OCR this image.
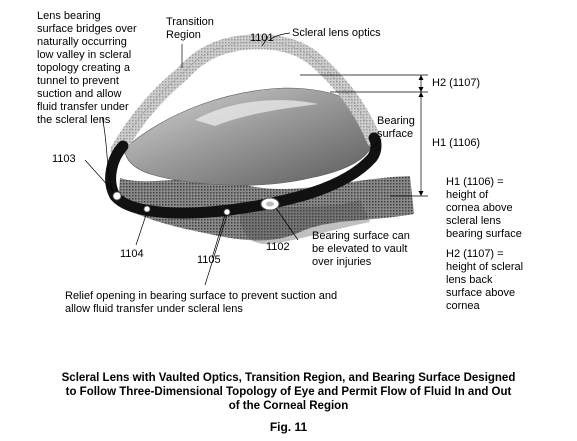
Lens bearing
surface bridges over
naturally occurring
low valley in scleral
topology creating a
tunnel to prevent
suction and allow
fluid transfer under
the scleral lens

Transition
Region	1101 Scleral lens optics

H2 (1107)

H1 (1106)

Bearing
surface

1103

H1 (1106) =
height of
cornea above
scleral lens
bearing surface

H2 (1107) =
height of scleral
lens back
surface above
cornea

Bearing surface can
be elevated to vault
over injuries

1102

1104	1105

Relief opening in bearing surface to prevent suction and
allow fluid transfer under scleral lens

Scleral Lens with Vaulted Optics, Transition Region, and Bearing Surface Designed to Follow Three-Dimensional Topology of Eye and Permit Flow of Fluid In and Out of the Corneal Region

Fig. 11
